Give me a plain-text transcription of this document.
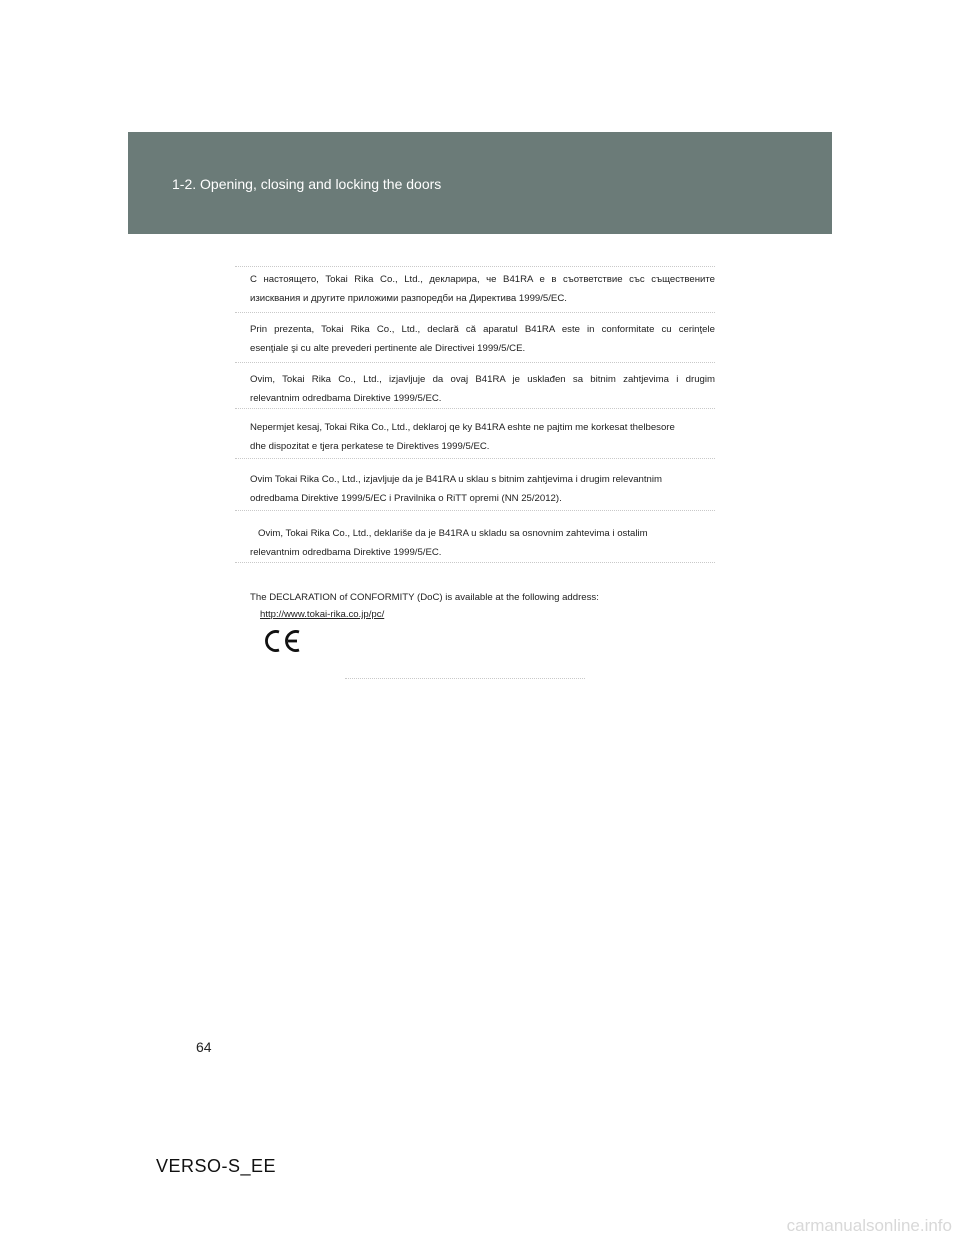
1-2. Opening, closing and locking the doors
С настоящето, Tokai Rika Co., Ltd., декларира, че B41RA е в съответствие със съществените
изисквания и другите приложими разпоредби на Директива 1999/5/EC.
Prin prezenta, Tokai Rika Co., Ltd., declară că aparatul B41RA este in conformitate cu cerinţele
esenţiale şi cu alte prevederi pertinente ale Directivei 1999/5/CE.
Ovim, Tokai Rika Co., Ltd., izjavljuje da ovaj B41RA je usklađen sa bitnim zahtjevima i drugim
relevantnim odredbama Direktive 1999/5/EC.
Nepermjet kesaj, Tokai Rika Co., Ltd., deklaroj qe ky B41RA eshte ne pajtim me korkesat thelbesore
dhe dispozitat e tjera perkatese te Direktives 1999/5/EC.
Ovim Tokai Rika Co., Ltd., izjavljuje da je B41RA u sklau s bitnim zahtjevima i drugim relevantnim
odredbama Direktive 1999/5/EC i Pravilnika o RiTT opremi (NN 25/2012).
Ovim, Tokai Rika Co., Ltd., deklariše da je B41RA u skladu sa osnovnim zahtevima i ostalim
relevantnim odredbama Direktive 1999/5/EC.
The DECLARATION of CONFORMITY (DoC) is available at the following address:
http://www.tokai-rika.co.jp/pc/
64
VERSO-S_EE
carmanualsonline.info
